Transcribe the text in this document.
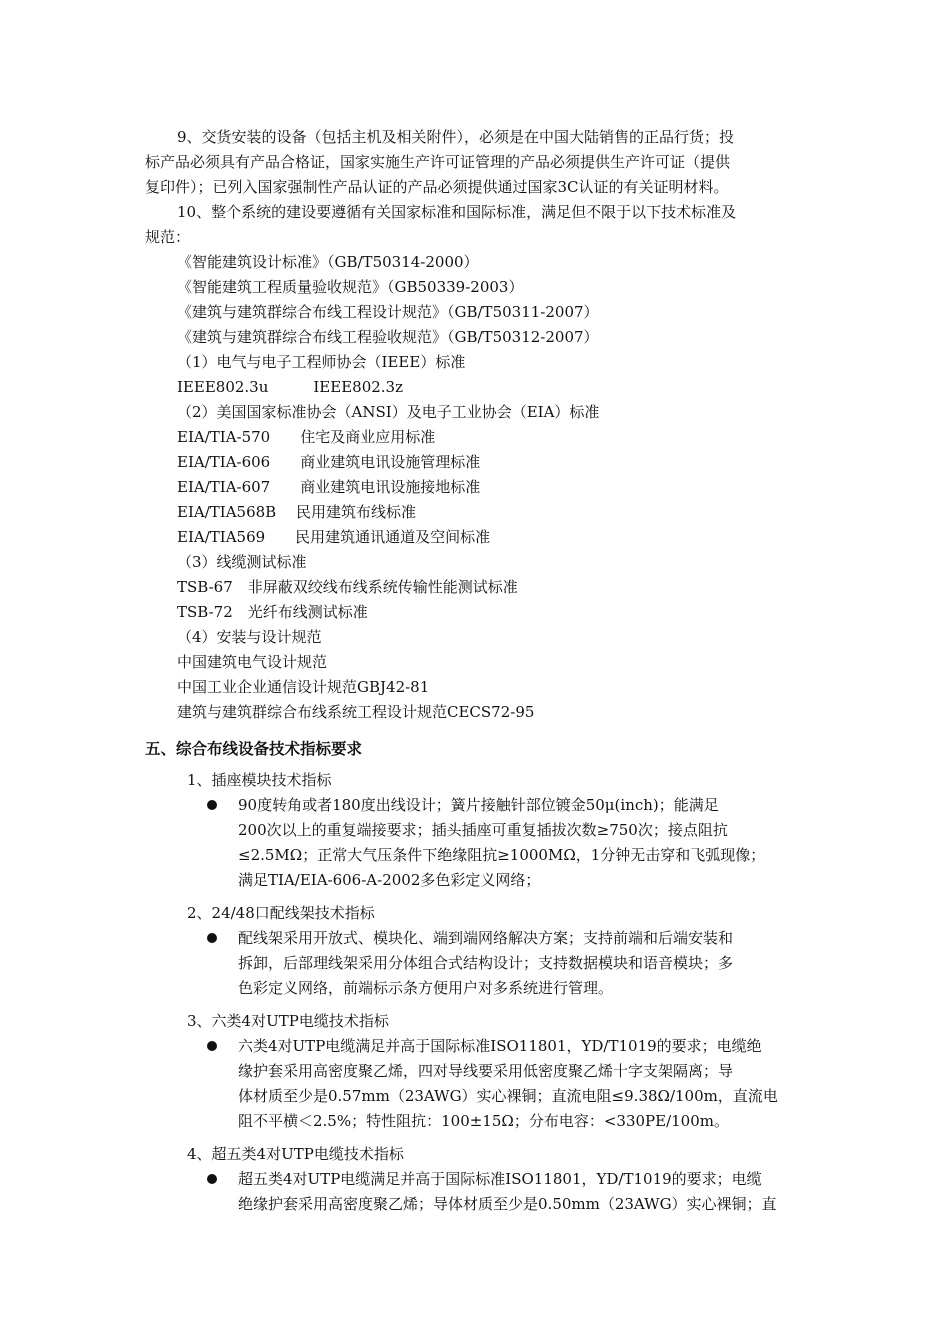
9、交货安装的设备（包括主机及相关附件），必须是在中国大陆销售的正品行货；投
标产品必须具有产品合格证，国家实施生产许可证管理的产品必须提供生产许可证（提供
复印件）；已列入国家强制性产品认证的产品必须提供通过国家3C认证的有关证明材料。
10、整个系统的建设要遵循有关国家标准和国际标准，满足但不限于以下技术标准及
规范：
《智能建筑设计标准》（GB/T50314-2000）
《智能建筑工程质量验收规范》（GB50339-2003）
《建筑与建筑群综合布线工程设计规范》（GB/T50311-2007）
《建筑与建筑群综合布线工程验收规范》（GB/T50312-2007）
（1）电气与电子工程师协会（IEEE）标准
IEEE802.3u　　　IEEE802.3z
（2）美国国家标准协会（ANSI）及电子工业协会（EIA）标准
EIA/TIA-570　　住宅及商业应用标准
EIA/TIA-606　　商业建筑电讯设施管理标准
EIA/TIA-607　　商业建筑电讯设施接地标准
EIA/TIA568B　 民用建筑布线标准
EIA/TIA569　　民用建筑通讯通道及空间标准
（3）线缆测试标准
TSB-67　非屏蔽双绞线布线系统传输性能测试标准
TSB-72　光纤布线测试标准
（4）安装与设计规范
中国建筑电气设计规范
中国工业企业通信设计规范GBJ42-81
建筑与建筑群综合布线系统工程设计规范CECS72-95
五、综合布线设备技术指标要求
1、插座模块技术指标
90度转角或者180度出线设计；簧片接触针部位镀金50μ(inch)；能满足
200次以上的重复端接要求；插头插座可重复插拔次数≥750次；接点阻抗
≤2.5MΩ；正常大气压条件下绝缘阻抗≥1000MΩ，1分钟无击穿和飞弧现像；
满足TIA/EIA-606-A-2002多色彩定义网络；
2、24/48口配线架技术指标
配线架采用开放式、模块化、端到端网络解决方案；支持前端和后端安装和
拆卸，后部理线架采用分体组合式结构设计；支持数据模块和语音模块；多
色彩定义网络，前端标示条方便用户对多系统进行管理。
3、六类4对UTP电缆技术指标
六类4对UTP电缆满足并高于国际标准ISO11801，YD/T1019的要求；电缆绝
缘护套采用高密度聚乙烯，四对导线要采用低密度聚乙烯十字支架隔离；导
体材质至少是0.57mm（23AWG）实心裸铜；直流电阻≤9.38Ω/100m，直流电
阻不平横＜2.5%；特性阻抗：100±15Ω；分布电容：<330PE/100m。
4、超五类4对UTP电缆技术指标
超五类4对UTP电缆满足并高于国际标准ISO11801，YD/T1019的要求；电缆
绝缘护套采用高密度聚乙烯；导体材质至少是0.50mm（23AWG）实心裸铜；直
